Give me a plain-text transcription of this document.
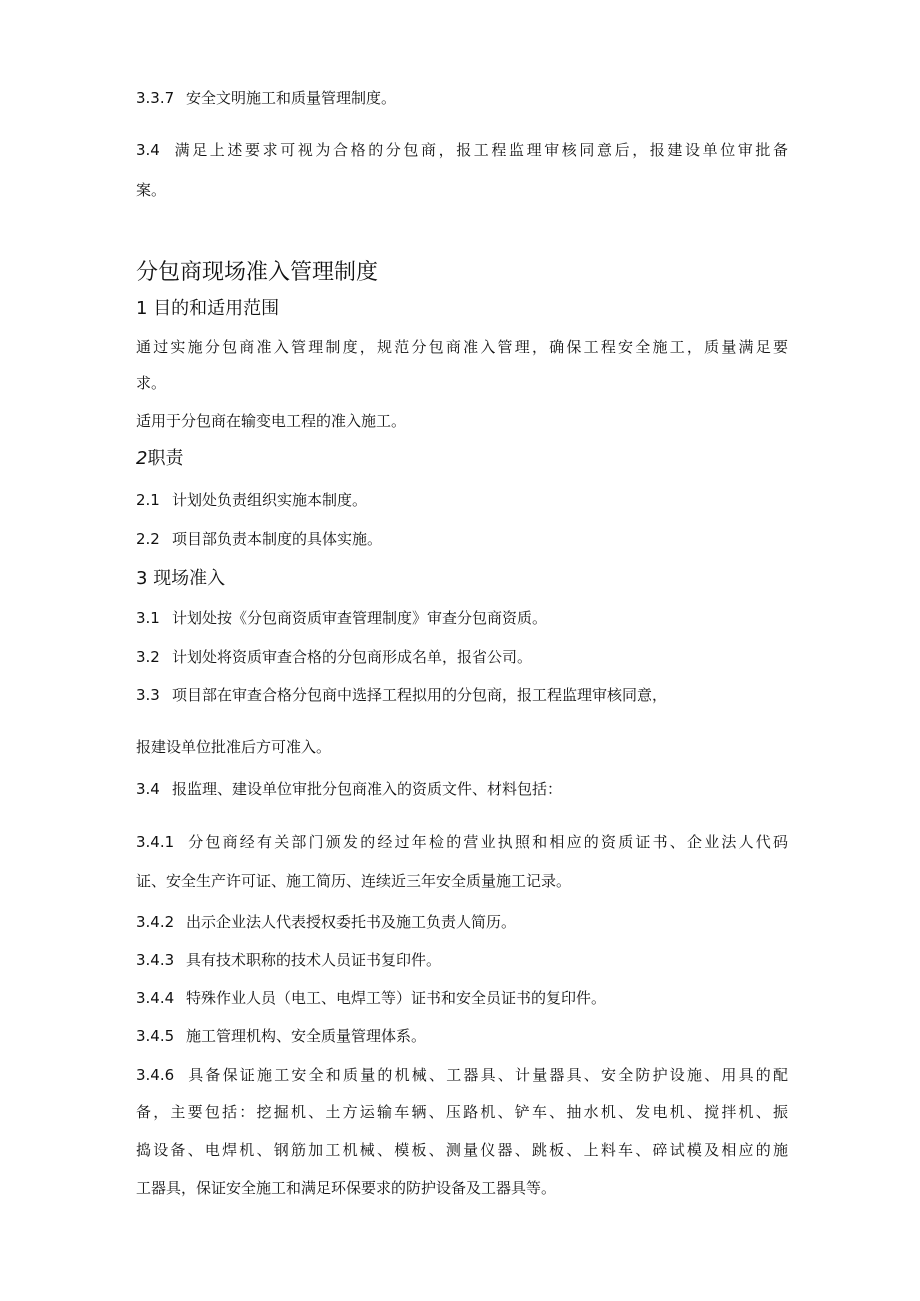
3.3.7 安全文明施工和质量管理制度。
3.4 满足上述要求可视为合格的分包商，报工程监理审核同意后，报建设单位审批备
案。
分包商现场准入管理制度
1 目的和适用范围
通过实施分包商准入管理制度，规范分包商准入管理，确保工程安全施工，质量满足要
求。
适用于分包商在输变电工程的准入施工。
2职责
2.1 计划处负责组织实施本制度。
2.2 项目部负责本制度的具体实施。
3 现场准入
3.1 计划处按《分包商资质审查管理制度》审查分包商资质。
3.2 计划处将资质审查合格的分包商形成名单，报省公司。
3.3 项目部在审查合格分包商中选择工程拟用的分包商，报工程监理审核同意，
报建设单位批准后方可准入。
3.4 报监理、建设单位审批分包商准入的资质文件、材料包括：
3.4.1 分包商经有关部门颁发的经过年检的营业执照和相应的资质证书、企业法人代码
证、安全生产许可证、施工简历、连续近三年安全质量施工记录。
3.4.2 出示企业法人代表授权委托书及施工负责人简历。
3.4.3 具有技术职称的技术人员证书复印件。
3.4.4 特殊作业人员（电工、电焊工等）证书和安全员证书的复印件。
3.4.5 施工管理机构、安全质量管理体系。
3.4.6 具备保证施工安全和质量的机械、工器具、计量器具、安全防护设施、用具的配
备，主要包括：挖掘机、土方运输车辆、压路机、铲车、抽水机、发电机、搅拌机、振
捣设备、电焊机、钢筋加工机械、模板、测量仪器、跳板、上料车、碎试模及相应的施
工器具，保证安全施工和满足环保要求的防护设备及工器具等。
